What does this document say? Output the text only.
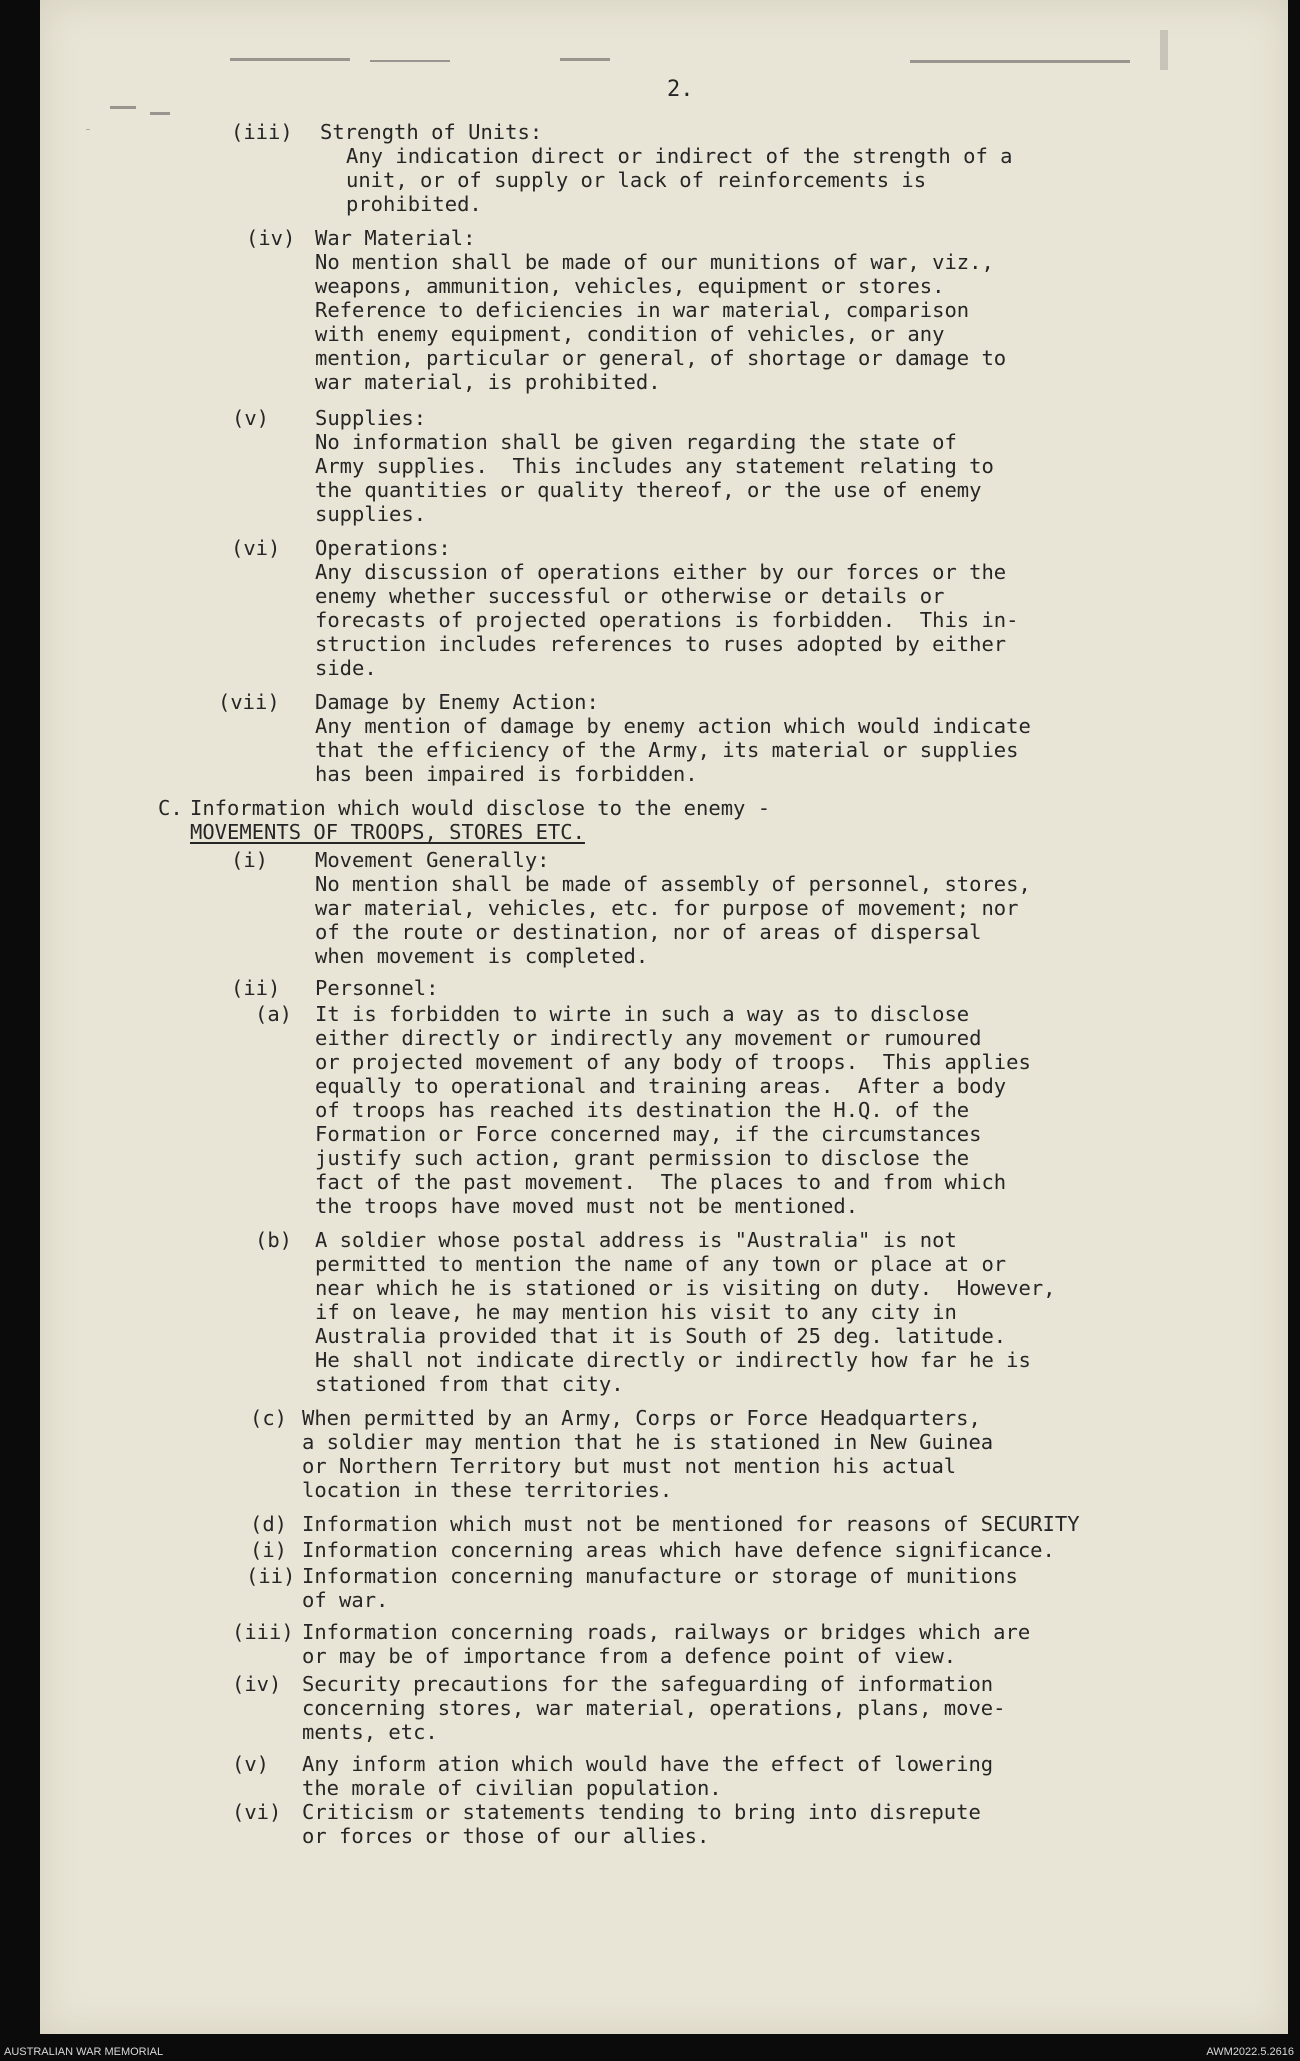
2.
(iii) Strength of Units:
Any indication direct or indirect of the strength of a
unit, or of supply or lack of reinforcements is
prohibited.
(iv) War Material:
No mention shall be made of our munitions of war, viz.,
weapons, ammunition, vehicles, equipment or stores.
Reference to deficiencies in war material, comparison
with enemy equipment, condition of vehicles, or any
mention, particular or general, of shortage or damage to
war material, is prohibited.
(v) Supplies:
No information shall be given regarding the state of
Army supplies.  This includes any statement relating to
the quantities or quality thereof, or the use of enemy
supplies.
(vi) Operations:
Any discussion of operations either by our forces or the
enemy whether successful or otherwise or details or
forecasts of projected operations is forbidden.  This in-
struction includes references to ruses adopted by either
side.
(vii) Damage by Enemy Action:
Any mention of damage by enemy action which would indicate
that the efficiency of the Army, its material or supplies
has been impaired is forbidden.
C. Information which would disclose to the enemy -
MOVEMENTS OF TROOPS, STORES ETC.
(i) Movement Generally:
No mention shall be made of assembly of personnel, stores,
war material, vehicles, etc. for purpose of movement; nor
of the route or destination, nor of areas of dispersal
when movement is completed.
(ii) Personnel:
(a) It is forbidden to wirte in such a way as to disclose
either directly or indirectly any movement or rumoured
or projected movement of any body of troops.  This applies
equally to operational and training areas.  After a body
of troops has reached its destination the H.Q. of the
Formation or Force concerned may, if the circumstances
justify such action, grant permission to disclose the
fact of the past movement.  The places to and from which
the troops have moved must not be mentioned.
(b) A soldier whose postal address is "Australia" is not
permitted to mention the name of any town or place at or
near which he is stationed or is visiting on duty.  However,
if on leave, he may mention his visit to any city in
Australia provided that it is South of 25 deg. latitude.
He shall not indicate directly or indirectly how far he is
stationed from that city.
(c) When permitted by an Army, Corps or Force Headquarters,
a soldier may mention that he is stationed in New Guinea
or Northern Territory but must not mention his actual
location in these territories.
(d) Information which must not be mentioned for reasons of SECURITY
(i) Information concerning areas which have defence significance.
(ii) Information concerning manufacture or storage of munitions
of war.
(iii) Information concerning roads, railways or bridges which are
or may be of importance from a defence point of view.
(iv) Security precautions for the safeguarding of information
concerning stores, war material, operations, plans, move-
ments, etc.
(v) Any inform ation which would have the effect of lowering
the morale of civilian population.
(vi) Criticism or statements tending to bring into disrepute
or forces or those of our allies.
AUSTRALIAN WAR MEMORIAL	AWM2022.5.2616
